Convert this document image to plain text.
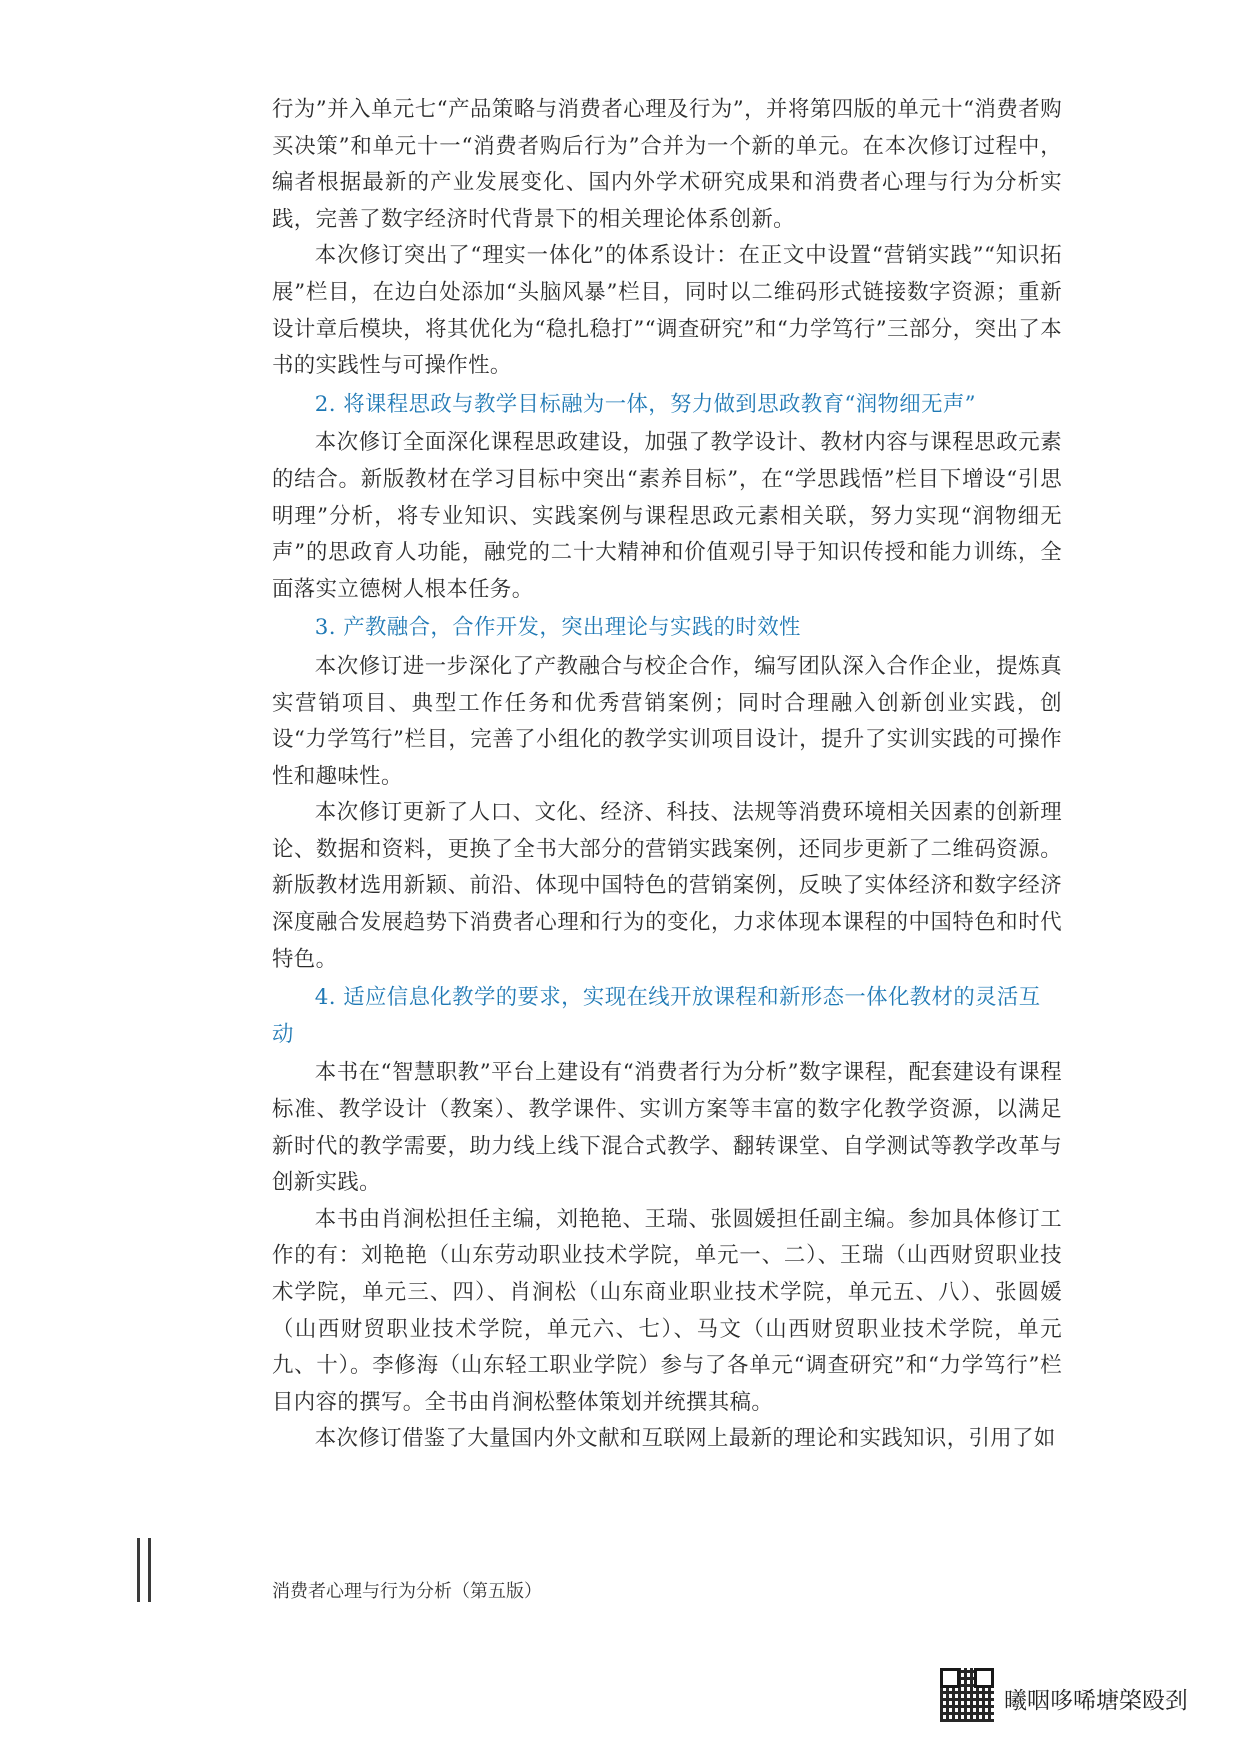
行为”并入单元七“产品策略与消费者心理及行为”，并将第四版的单元十“消费者购买决策”和单元十一“消费者购后行为”合并为一个新的单元。在本次修订过程中，编者根据最新的产业发展变化、国内外学术研究成果和消费者心理与行为分析实践，完善了数字经济时代背景下的相关理论体系创新。

本次修订突出了“理实一体化”的体系设计：在正文中设置“营销实践”“知识拓展”栏目，在边白处添加“头脑风暴”栏目，同时以二维码形式链接数字资源；重新设计章后模块，将其优化为“稳扎稳打”“调查研究”和“力学笃行”三部分，突出了本书的实践性与可操作性。

2. 将课程思政与教学目标融为一体，努力做到思政教育“润物细无声”

本次修订全面深化课程思政建设，加强了教学设计、教材内容与课程思政元素的结合。新版教材在学习目标中突出“素养目标”，在“学思践悟”栏目下增设“引思明理”分析，将专业知识、实践案例与课程思政元素相关联，努力实现“润物细无声”的思政育人功能，融党的二十大精神和价值观引导于知识传授和能力训练，全面落实立德树人根本任务。

3. 产教融合，合作开发，突出理论与实践的时效性

本次修订进一步深化了产教融合与校企合作，编写团队深入合作企业，提炼真实营销项目、典型工作任务和优秀营销案例；同时合理融入创新创业实践，创设“力学笃行”栏目，完善了小组化的教学实训项目设计，提升了实训实践的可操作性和趣味性。

本次修订更新了人口、文化、经济、科技、法规等消费环境相关因素的创新理论、数据和资料，更换了全书大部分的营销实践案例，还同步更新了二维码资源。新版教材选用新颖、前沿、体现中国特色的营销案例，反映了实体经济和数字经济深度融合发展趋势下消费者心理和行为的变化，力求体现本课程的中国特色和时代特色。

4. 适应信息化教学的要求，实现在线开放课程和新形态一体化教材的灵活互动

本书在“智慧职教”平台上建设有“消费者行为分析”数字课程，配套建设有课程标准、教学设计（教案）、教学课件、实训方案等丰富的数字化教学资源，以满足新时代的教学需要，助力线上线下混合式教学、翻转课堂、自学测试等教学改革与创新实践。

本书由肖涧松担任主编，刘艳艳、王瑞、张圆媛担任副主编。参加具体修订工作的有：刘艳艳（山东劳动职业技术学院，单元一、二）、王瑞（山西财贸职业技术学院，单元三、四）、肖涧松（山东商业职业技术学院，单元五、八）、张圆媛（山西财贸职业技术学院，单元六、七）、马文（山西财贸职业技术学院，单元九、十）。李修海（山东轻工职业学院）参与了各单元“调查研究”和“力学笃行”栏目内容的撰写。全书由肖涧松整体策划并统撰其稿。

本次修订借鉴了大量国内外文献和互联网上最新的理论和实践知识，引用了如

消费者心理与行为分析（第五版）
曦咽哆唏塘棨殴刭
